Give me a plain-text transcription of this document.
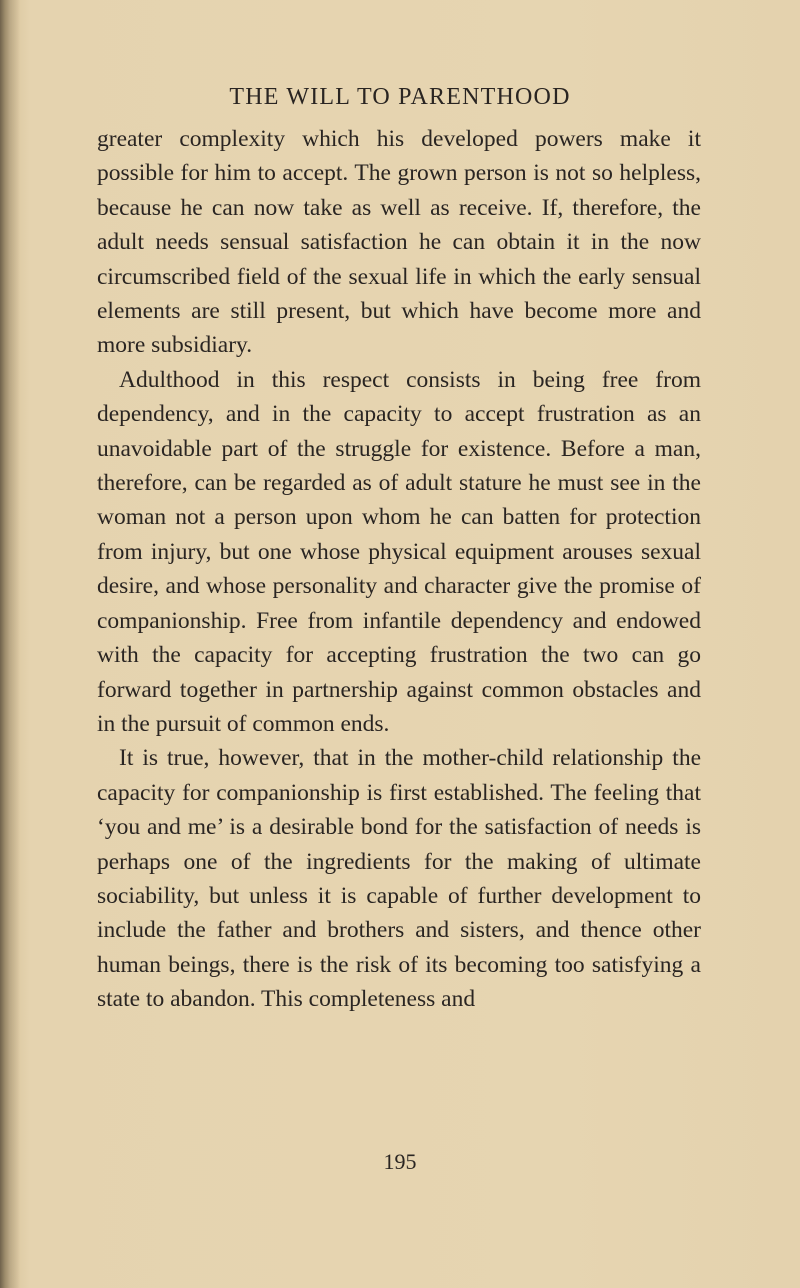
THE WILL TO PARENTHOOD

greater complexity which his developed powers make it possible for him to accept. The grown person is not so helpless, because he can now take as well as receive. If, therefore, the adult needs sensual satisfaction he can obtain it in the now circumscribed field of the sexual life in which the early sensual elements are still present, but which have become more and more subsidiary.

Adulthood in this respect consists in being free from dependency, and in the capacity to accept frustration as an unavoidable part of the struggle for existence. Before a man, therefore, can be regarded as of adult stature he must see in the woman not a person upon whom he can batten for protection from injury, but one whose physical equipment arouses sexual desire, and whose personality and character give the promise of companionship. Free from infantile dependency and endowed with the capacity for accepting frustration the two can go forward together in partnership against common obstacles and in the pursuit of common ends.

It is true, however, that in the mother-child relationship the capacity for companionship is first established. The feeling that ‘you and me’ is a desirable bond for the satisfaction of needs is perhaps one of the ingredients for the making of ultimate sociability, but unless it is capable of further development to include the father and brothers and sisters, and thence other human beings, there is the risk of its becoming too satisfying a state to abandon. This completeness and

195
